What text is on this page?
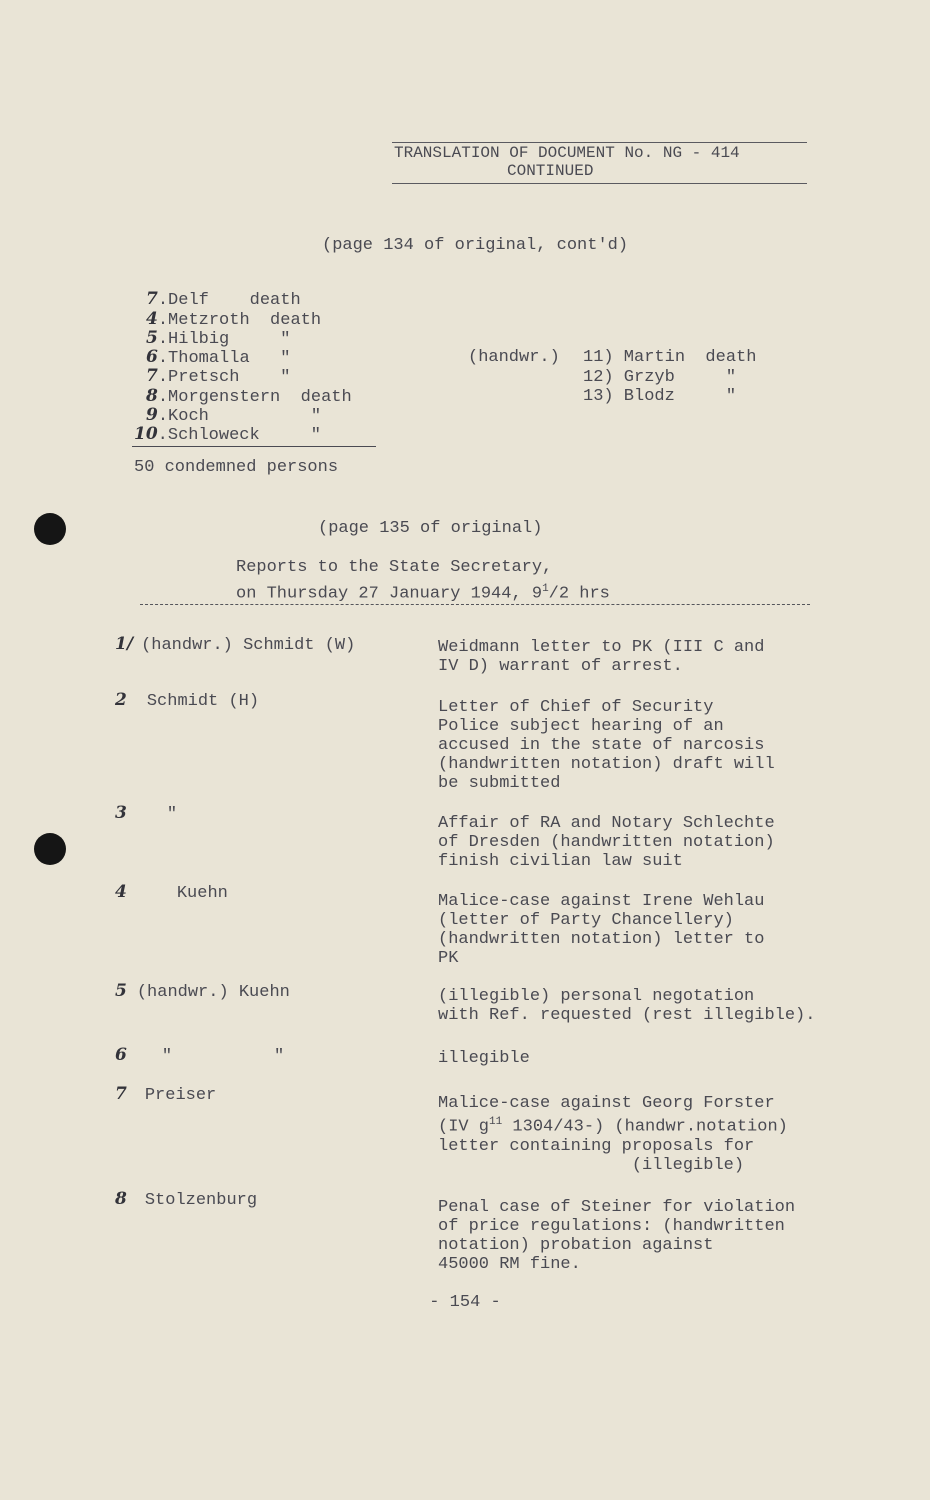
TRANSLATION OF DOCUMENT No. NG - 414
CONTINUED
(page 134 of original, cont'd)
7.Delf    death
4.Metzroth  death
5.Hilbig     "
6.Thomalla   "
7.Pretsch    "
8.Morgenstern  death
9.Koch          "
10.Schloweck     "
(handwr.) 11) Martin  death
12) Grzyb     "
13) Blodz     "
50 condemned persons
(page 135 of original)
Reports to the State Secretary,
on Thursday 27 January 1944, $9^1/2$ hrs
1/ (handwr.) Schmidt (W)	Weidmann letter to PK (III C and
IV D) warrant of arrest.
2 Schmidt (H)	Letter of Chief of Security
Police subject hearing of an
accused in the state of narcosis
(handwritten notation) draft will
be submitted
3 "	Affair of RA and Notary Schlechte
of Dresden (handwritten notation)
finish civilian law suit
4	Kuehn	Malice-case against Irene Wehlau
(letter of Party Chancellery)
(handwritten notation) letter to
PK
5 (handwr.) Kuehn	(illegible) personal negotation
with Ref. requested (rest illegible).
6 "          "	illegible
7 Preiser	Malice-case against Georg Forster
(IV $g^{11}$ 1304/43-) (handwr.notation)
letter containing proposals for
(illegible)
8 Stolzenburg	Penal case of Steiner for violation
of price regulations: (handwritten
notation) probation against
45000 RM fine.
- 154 -
